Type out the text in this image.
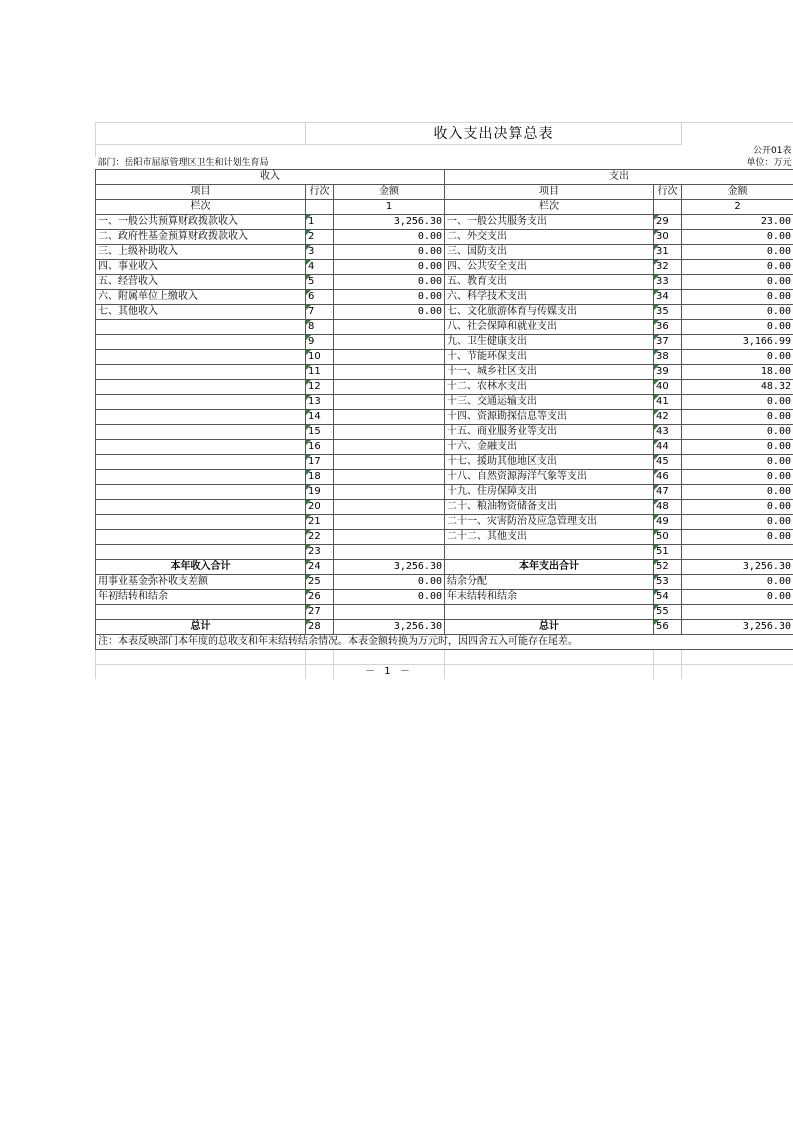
	收入支出决算总表				
					公开01表
部门：岳阳市屈原管理区卫生和计划生育局					单位：万元
收入			支出		
项目	行次	金额	项目	行次	金额
栏次		1	栏次		2
一、一般公共预算财政拨款收入	1	3,256.30	一、一般公共服务支出	29	23.00
二、政府性基金预算财政拨款收入	2	0.00	二、外交支出	30	0.00
三、上级补助收入	3	0.00	三、国防支出	31	0.00
四、事业收入	4	0.00	四、公共安全支出	32	0.00
五、经营收入	5	0.00	五、教育支出	33	0.00
六、附属单位上缴收入	6	0.00	六、科学技术支出	34	0.00
七、其他收入	7	0.00	七、文化旅游体育与传媒支出	35	0.00
	8		八、社会保障和就业支出	36	0.00
	9		九、卫生健康支出	37	3,166.99
	10		十、节能环保支出	38	0.00
	11		十一、城乡社区支出	39	18.00
	12		十二、农林水支出	40	48.32
	13		十三、交通运输支出	41	0.00
	14		十四、资源勘探信息等支出	42	0.00
	15		十五、商业服务业等支出	43	0.00
	16		十六、金融支出	44	0.00
	17		十七、援助其他地区支出	45	0.00
	18		十八、自然资源海洋气象等支出	46	0.00
	19		十九、住房保障支出	47	0.00
	20		二十、粮油物资储备支出	48	0.00
	21		二十一、灾害防治及应急管理支出	49	0.00
	22		二十二、其他支出	50	0.00
	23			51	
本年收入合计	24	3,256.30	本年支出合计	52	3,256.30
用事业基金弥补收支差额	25	0.00	结余分配	53	0.00
年初结转和结余	26	0.00	年末结转和结余	54	0.00
	27			55	
总计	28	3,256.30	总计	56	3,256.30
注：本表反映部门本年度的总收支和年末结转结余情况。本表金额转换为万元时，因四舍五入可能存在尾差。					

		－ 1 －			
